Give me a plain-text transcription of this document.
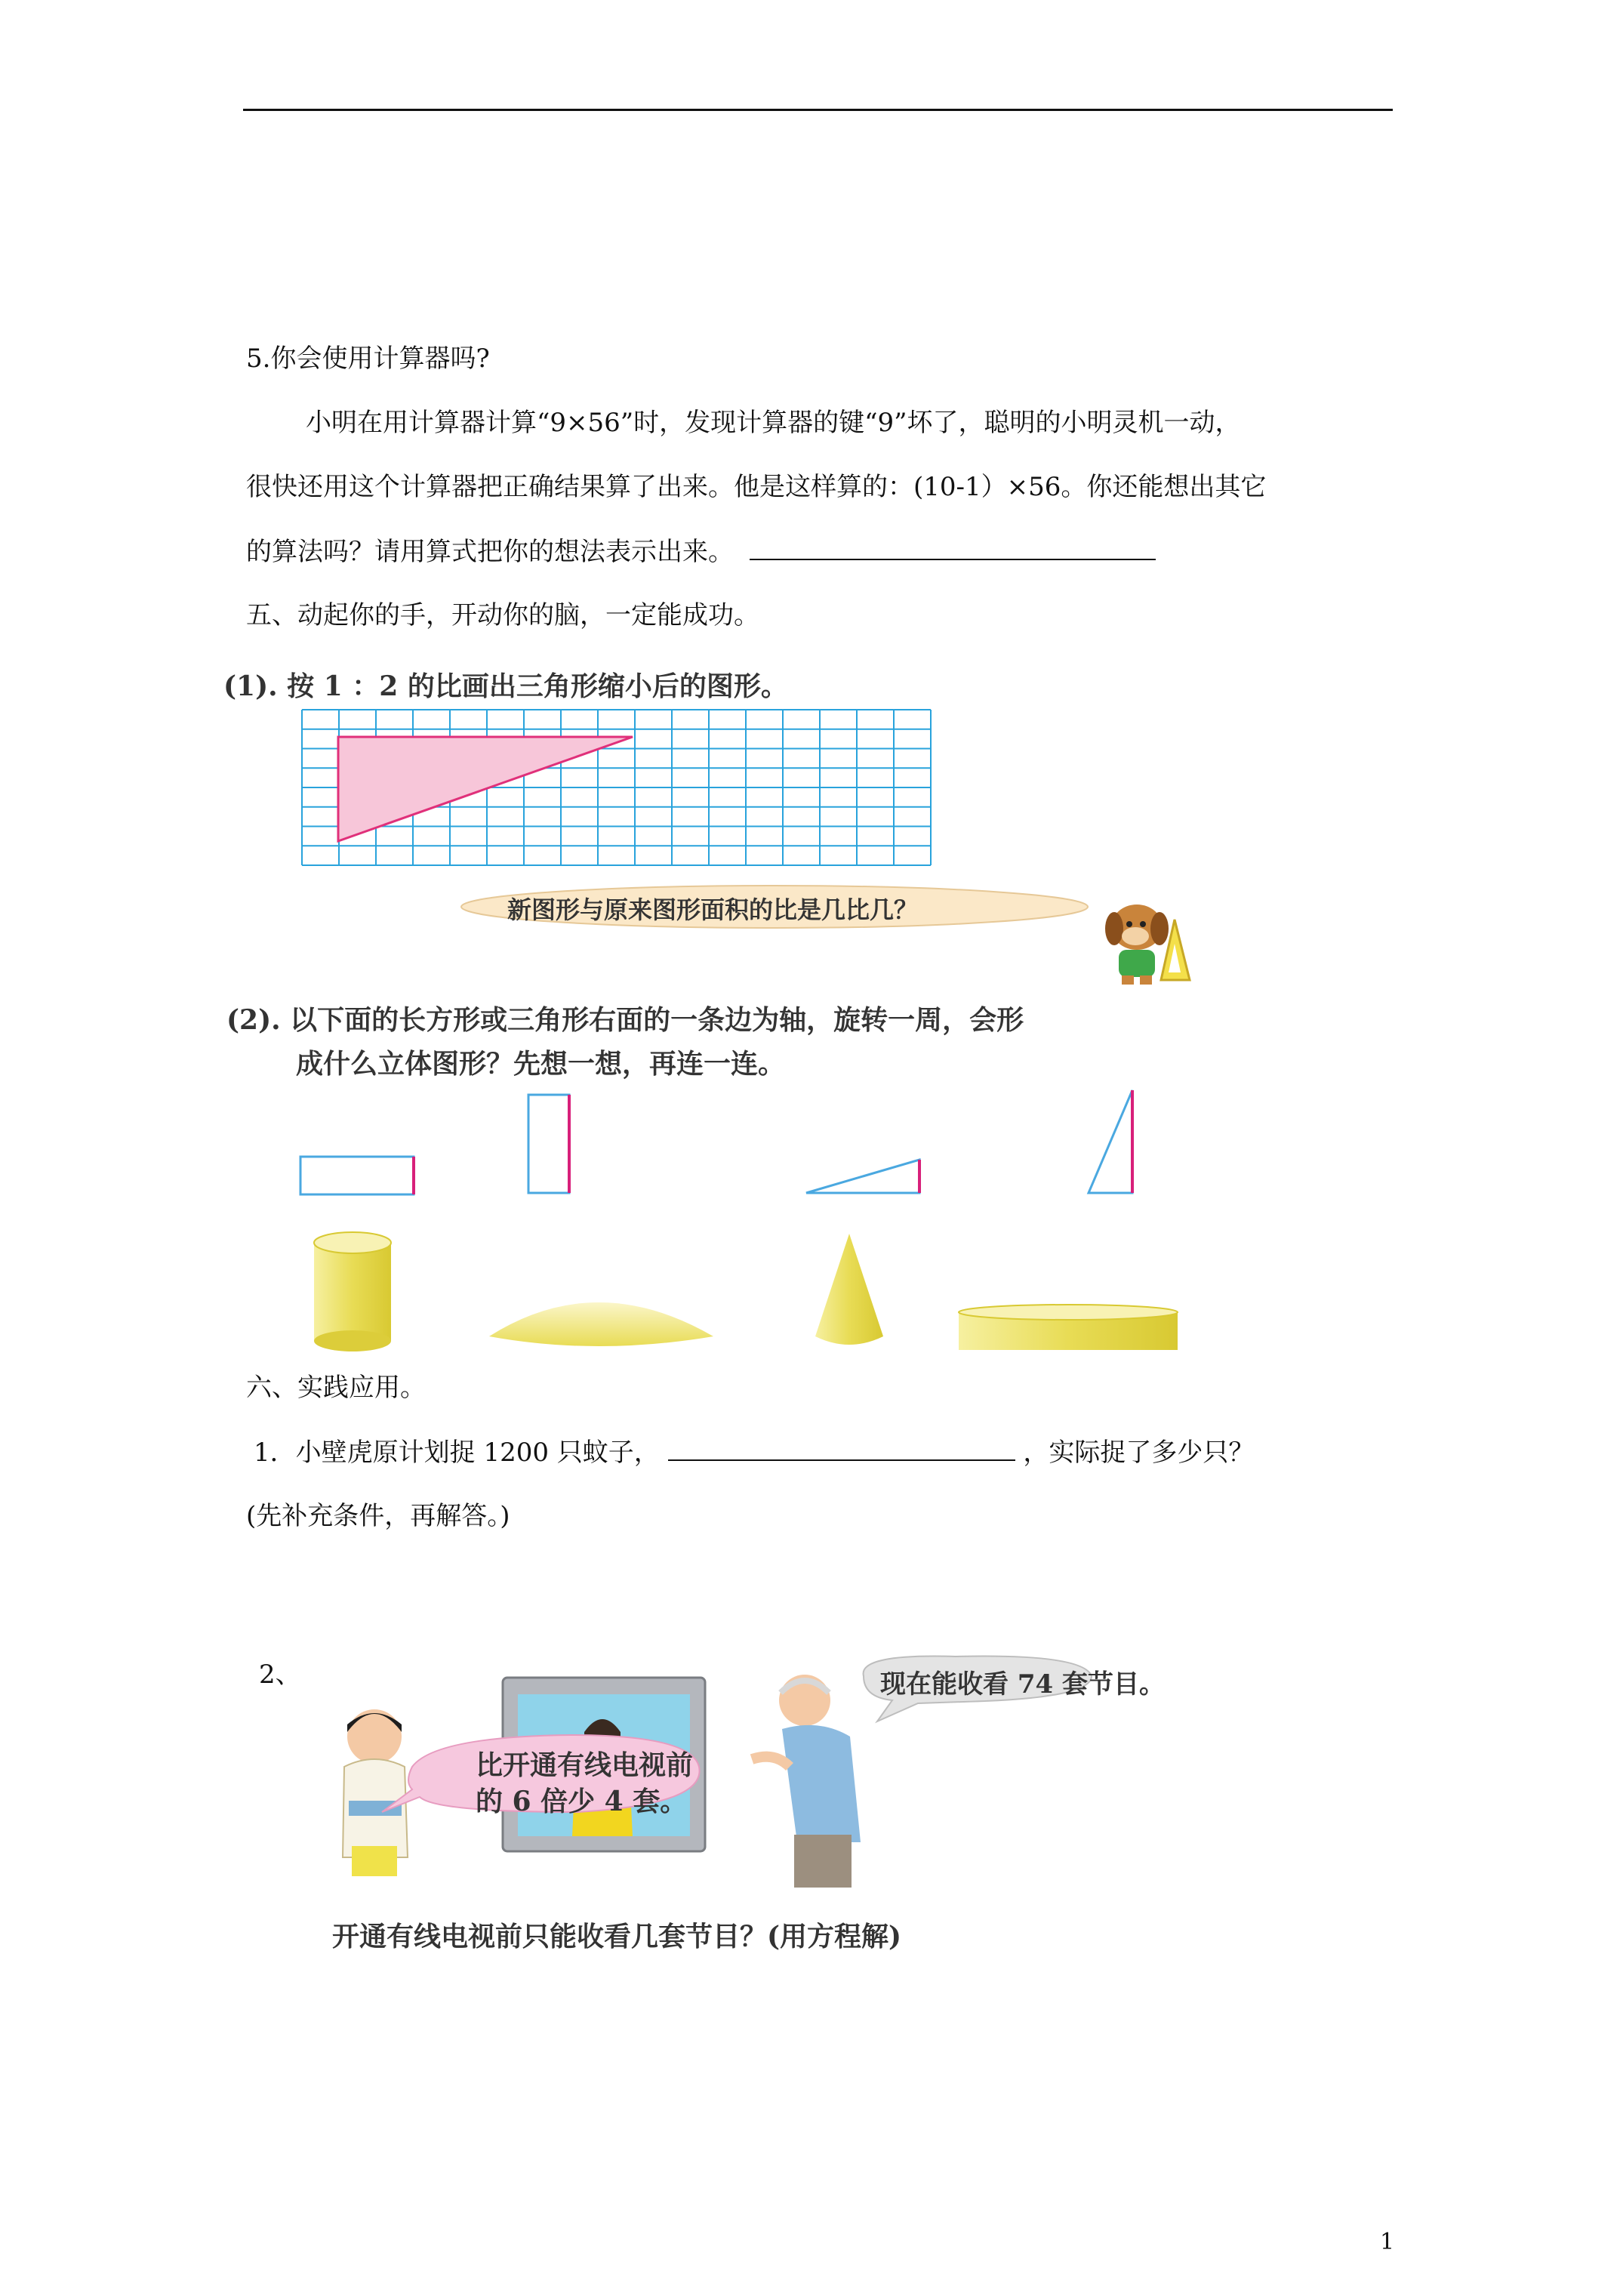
5.你会使用计算器吗?
小明在用计算器计算“9×56”时，发现计算器的键“9”坏了，聪明的小明灵机一动，
很快还用这个计算器把正确结果算了出来。他是这样算的：(10-1）×56。你还能想出其它
的算法吗？请用算式把你的想法表示出来。
五、动起你的手，开动你的脑，一定能成功。
(1). 按 1 ：2 的比画出三角形缩小后的图形。
新图形与原来图形面积的比是几比几？
(2). 以下面的长方形或三角形右面的一条边为轴，旋转一周，会形
成什么立体图形？先想一想，再连一连。
六、实践应用。
1．小壁虎原计划捉 1200 只蚊子，	，实际捉了多少只？
(先补充条件，再解答。)
2、	现在能收看 74 套节目。
比开通有线电视前
的 6 倍少 4 套。
开通有线电视前只能收看几套节目？(用方程解)
1
